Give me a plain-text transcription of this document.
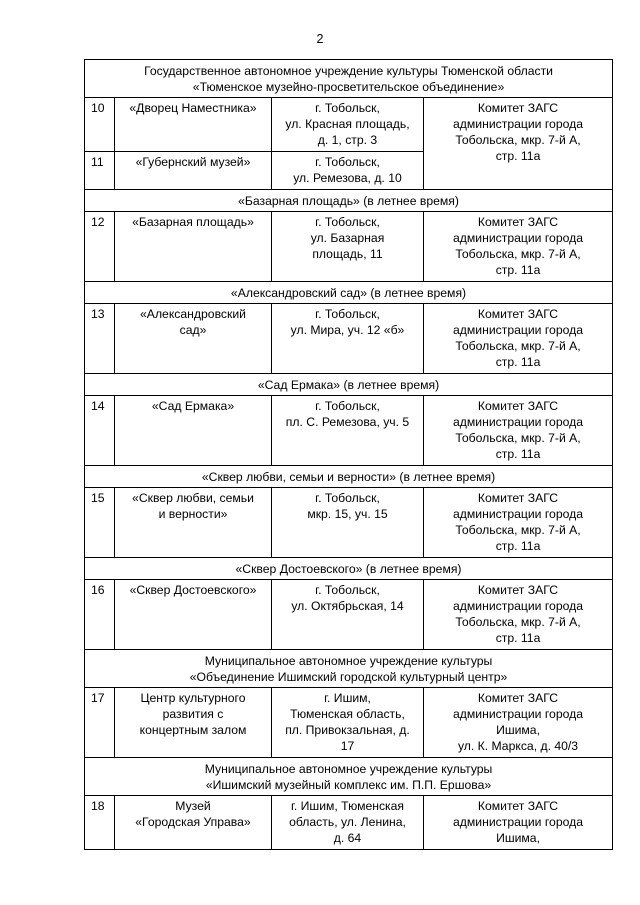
2
Государственное автономное учреждение культуры Тюменской области
«Тюменское музейно-просветительское объединение»			
10	«Дворец Наместника»	г. Тобольск,
ул. Красная площадь,
д. 1, стр. 3	Комитет ЗАГС
администрации города
Тобольска, мкр. 7-й А,
стр. 11а
11	«Губернский музей»	г. Тобольск,
ул. Ремезова, д. 10	
«Базарная площадь» (в летнее время)			
12	«Базарная площадь»	г. Тобольск,
ул. Базарная
площадь, 11	Комитет ЗАГС
администрации города
Тобольска, мкр. 7-й А,
стр. 11а
«Александровский сад» (в летнее время)			
13	«Александровский
сад»	г. Тобольск,
ул. Мира, уч. 12 «б»	Комитет ЗАГС
администрации города
Тобольска, мкр. 7-й А,
стр. 11а
«Сад Ермака» (в летнее время)			
14	«Сад Ермака»	г. Тобольск,
пл. С. Ремезова, уч. 5	Комитет ЗАГС
администрации города
Тобольска, мкр. 7-й А,
стр. 11а
«Сквер любви, семьи и верности» (в летнее время)			
15	«Сквер любви, семьи
и верности»	г. Тобольск,
мкр. 15, уч. 15	Комитет ЗАГС
администрации города
Тобольска, мкр. 7-й А,
стр. 11а
«Сквер Достоевского» (в летнее время)			
16	«Сквер Достоевского»	г. Тобольск,
ул. Октябрьская, 14	Комитет ЗАГС
администрации города
Тобольска, мкр. 7-й А,
стр. 11а
Муниципальное автономное учреждение культуры
«Объединение Ишимский городской культурный центр»			
17	Центр культурного
развития с
концертным залом	г. Ишим,
Тюменская область,
пл. Привокзальная, д.
17	Комитет ЗАГС
администрации города
Ишима,
ул. К. Маркса, д. 40/3
Муниципальное автономное учреждение культуры
«Ишимский музейный комплекс им. П.П. Ершова»			
18	Музей
«Городская Управа»	г. Ишим, Тюменская
область, ул. Ленина,
д. 64	Комитет ЗАГС
администрации города
Ишима,
